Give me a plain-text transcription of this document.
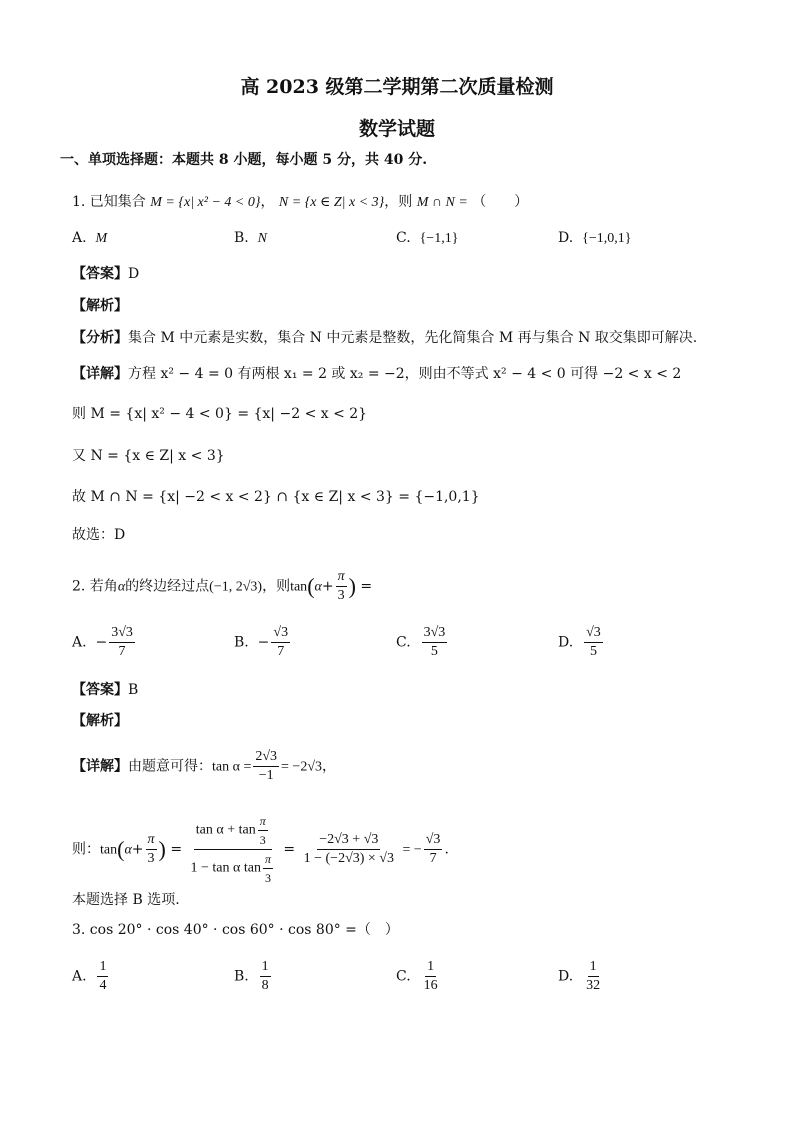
高 2023 级第二学期第二次质量检测
数学试题
一、单项选择题：本题共 8 小题，每小题 5 分，共 40 分.
1. 已知集合 M = {x| x² − 4 < 0}， N = {x ∈ Z| x < 3}，则 M ∩ N = （　　）
A. M	B. N	C. {−1,1}	D. {−1,0,1}
【答案】D
【解析】
【分析】集合 M 中元素是实数，集合 N 中元素是整数，先化简集合 M 再与集合 N 取交集即可解决.
【详解】方程 x² − 4 = 0 有两根 x₁ = 2 或 x₂ = −2，则由不等式 x² − 4 < 0 可得 −2 < x < 2
则 M = {x| x² − 4 < 0} = {x| −2 < x < 2}
又 N = {x ∈ Z| x < 3}
故 M ∩ N = {x| −2 < x < 2} ∩ {x ∈ Z| x < 3} = {−1,0,1}
故选：D
2. 若角α的终边经过点(−1, 2√3)，则$\tan(\alpha+ \frac{\pi}{3}$ ) =
A. − $\frac{3√3}{7}$	B. − $\frac{√3}{7}$	C. $\frac{3√3}{5}$	D. $\frac{√3}{5}$
【答案】B
【解析】
【详解】由题意可得：$\tan \alpha = \frac{2√3}{-1} = -2√3$，
则：$\tan(\alpha+ \frac{\pi}{3}$ ) = $\frac{\tan \alpha + \tan \frac{\pi}{3}}{1 - \tan \alpha \tan \frac{\pi}{3}} = \frac{-2√3 + √3}{1 - (-2√3) \times √3}$ = − $\frac{√3}{7}$ .
本题选择 B 选项.
3. cos 20° · cos 40° · cos 60° · cos 80° =（　）
A. $\frac{1}{4}$	B. $\frac{1}{8}$	C. $\frac{1}{16}$	D. $\frac{1}{32}$
